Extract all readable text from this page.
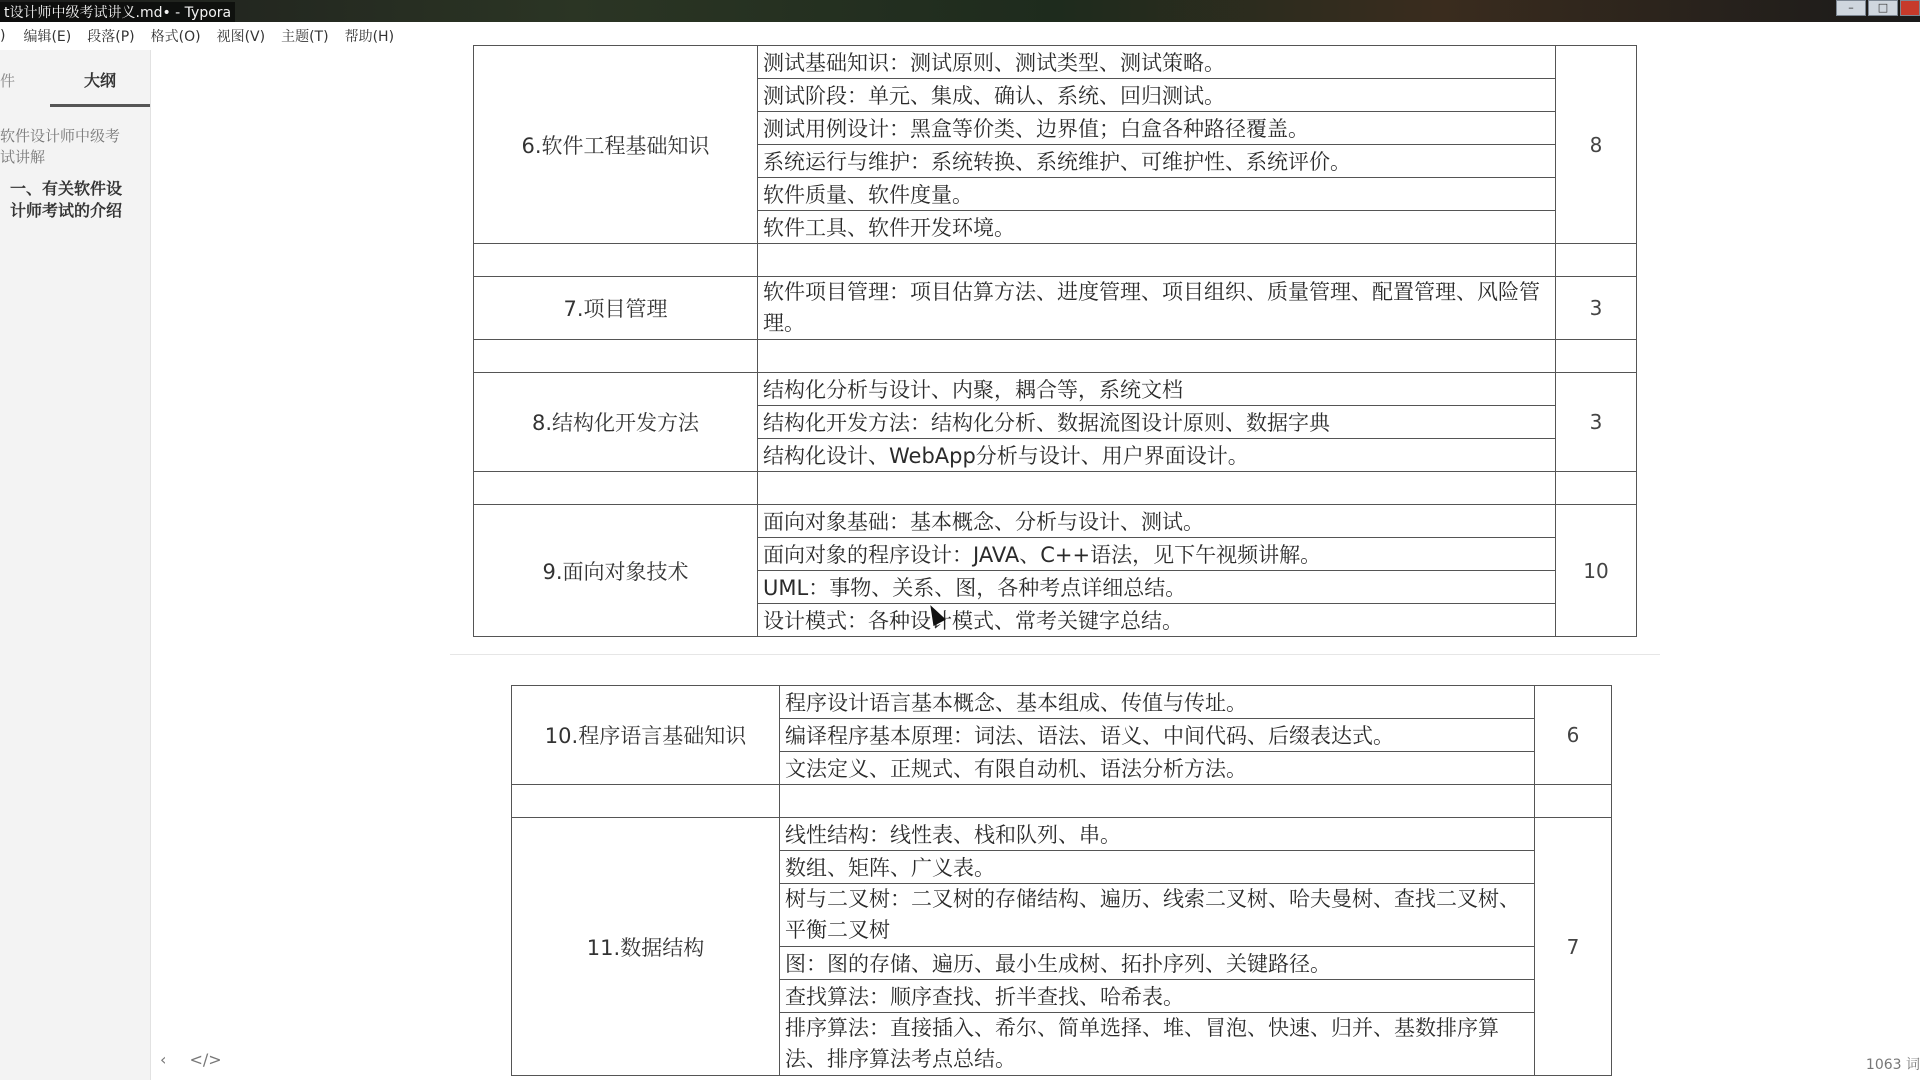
t设计师中级考试讲义.md• - Typora	–	□
)	编辑(E)	段落(P)	格式(O)	视图(V)	主题(T)	帮助(H)
件	大纲
软件设计师中级考试讲解
一、有关软件设计师考试的介绍
‹ </>	1063 词
6.软件工程基础知识	测试基础知识：测试原则、测试类型、测试策略。	8
	测试阶段：单元、集成、确认、系统、回归测试。	
	测试用例设计：黑盒等价类、边界值；白盒各种路径覆盖。	
	系统运行与维护：系统转换、系统维护、可维护性、系统评价。	
	软件质量、软件度量。	
	软件工具、软件开发环境。	

7.项目管理	软件项目管理：项目估算方法、进度管理、项目组织、质量管理、配置管理、风险管理。	3

8.结构化开发方法	结构化分析与设计、内聚，耦合等，系统文档	3
	结构化开发方法：结构化分析、数据流图设计原则、数据字典	
	结构化设计、WebApp分析与设计、用户界面设计。	

9.面向对象技术	面向对象基础：基本概念、分析与设计、测试。	10
	面向对象的程序设计：JAVA、C++语法，见下午视频讲解。	
	UML：事物、关系、图，各种考点详细总结。	
	设计模式：各种设计模式、常考关键字总结。	
10.程序语言基础知识	程序设计语言基本概念、基本组成、传值与传址。	6
	编译程序基本原理：词法、语法、语义、中间代码、后缀表达式。	
	文法定义、正规式、有限自动机、语法分析方法。	

11.数据结构	线性结构：线性表、栈和队列、串。	7
	数组、矩阵、广义表。	
	树与二叉树：二叉树的存储结构、遍历、线索二叉树、哈夫曼树、查找二叉树、平衡二叉树	
	图：图的存储、遍历、最小生成树、拓扑序列、关键路径。	
	查找算法：顺序查找、折半查找、哈希表。	
	排序算法：直接插入、希尔、简单选择、堆、冒泡、快速、归并、基数排序算法、排序算法考点总结。	
